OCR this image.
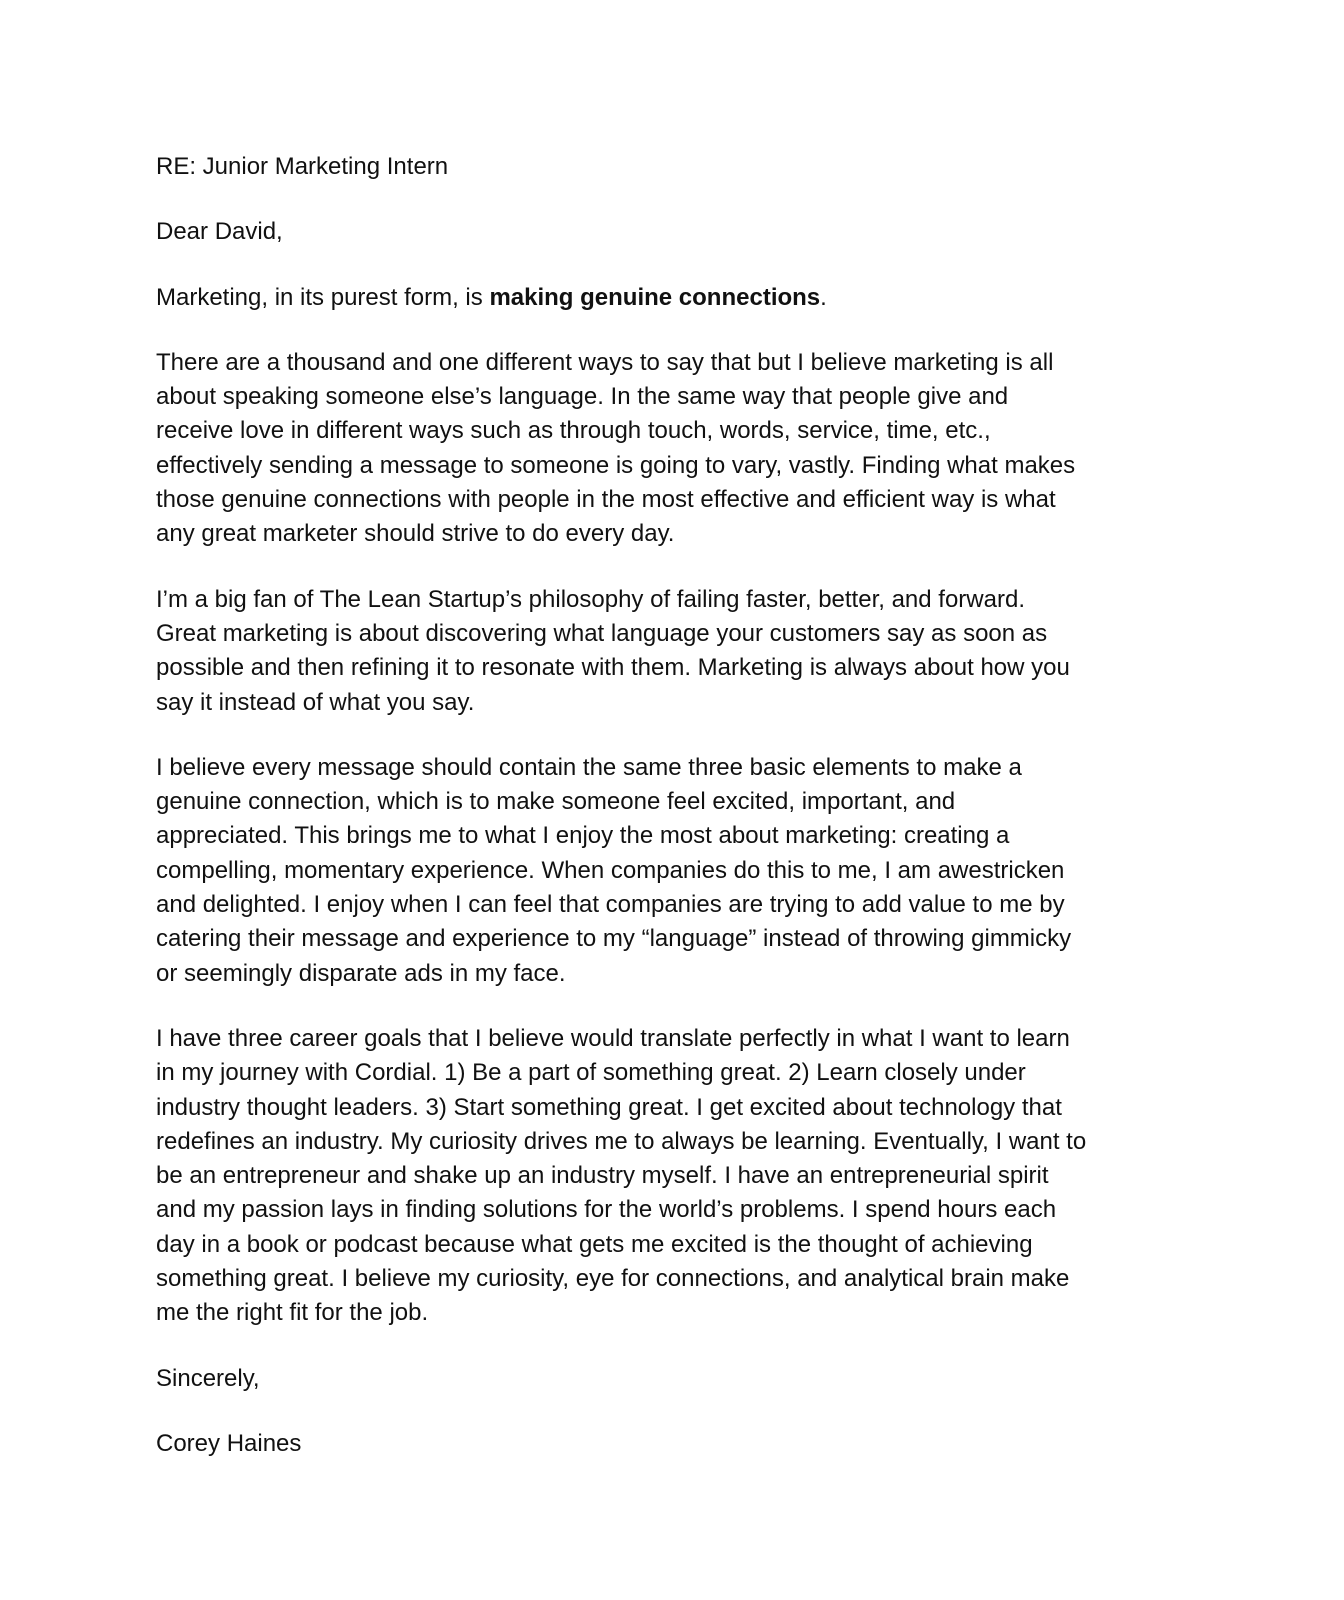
RE: Junior Marketing Intern

Dear David,

Marketing, in its purest form, is making genuine connections.

There are a thousand and one different ways to say that but I believe marketing is all
about speaking someone else’s language. In the same way that people give and
receive love in different ways such as through touch, words, service, time, etc.,
effectively sending a message to someone is going to vary, vastly. Finding what makes
those genuine connections with people in the most effective and efficient way is what
any great marketer should strive to do every day.

I’m a big fan of The Lean Startup’s philosophy of failing faster, better, and forward.
Great marketing is about discovering what language your customers say as soon as
possible and then refining it to resonate with them. Marketing is always about how you
say it instead of what you say.

I believe every message should contain the same three basic elements to make a
genuine connection, which is to make someone feel excited, important, and
appreciated. This brings me to what I enjoy the most about marketing: creating a
compelling, momentary experience. When companies do this to me, I am awestricken
and delighted. I enjoy when I can feel that companies are trying to add value to me by
catering their message and experience to my “language” instead of throwing gimmicky
or seemingly disparate ads in my face.

I have three career goals that I believe would translate perfectly in what I want to learn
in my journey with Cordial. 1) Be a part of something great. 2) Learn closely under
industry thought leaders. 3) Start something great. I get excited about technology that
redefines an industry. My curiosity drives me to always be learning. Eventually, I want to
be an entrepreneur and shake up an industry myself. I have an entrepreneurial spirit
and my passion lays in finding solutions for the world’s problems. I spend hours each
day in a book or podcast because what gets me excited is the thought of achieving
something great. I believe my curiosity, eye for connections, and analytical brain make
me the right fit for the job.

Sincerely,

Corey Haines
